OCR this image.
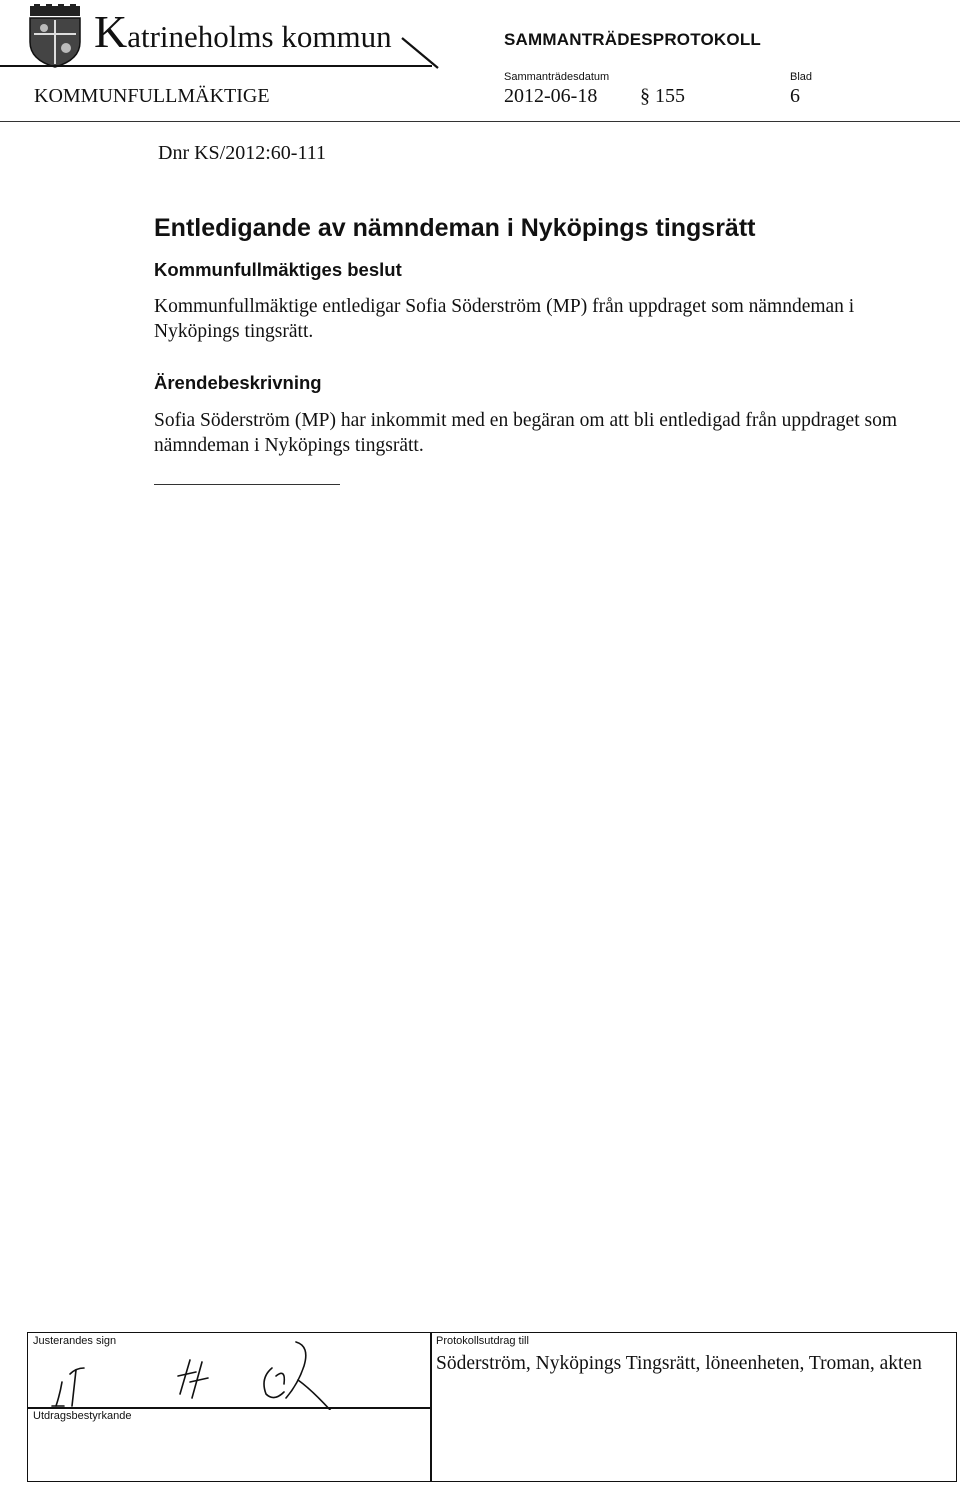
Katrineholms kommun	SAMMANTRÄDESPROTOKOLL
Sammanträdesdatum	Blad
KOMMUNFULLMÄKTIGE	2012-06-18 § 155	6
Dnr KS/2012:60-111
Entledigande av nämndeman i Nyköpings tingsrätt
Kommunfullmäktiges beslut
Kommunfullmäktige entledigar Sofia Söderström (MP) från uppdraget som nämndeman i Nyköpings tingsrätt.
Ärendebeskrivning
Sofia Söderström (MP) har inkommit med en begäran om att bli entledigad från uppdraget som nämndeman i Nyköpings tingsrätt.
Justerandes sign
Utdragsbestyrkande
Protokollsutdrag till
Söderström, Nyköpings Tingsrätt, löneenheten, Troman, akten
